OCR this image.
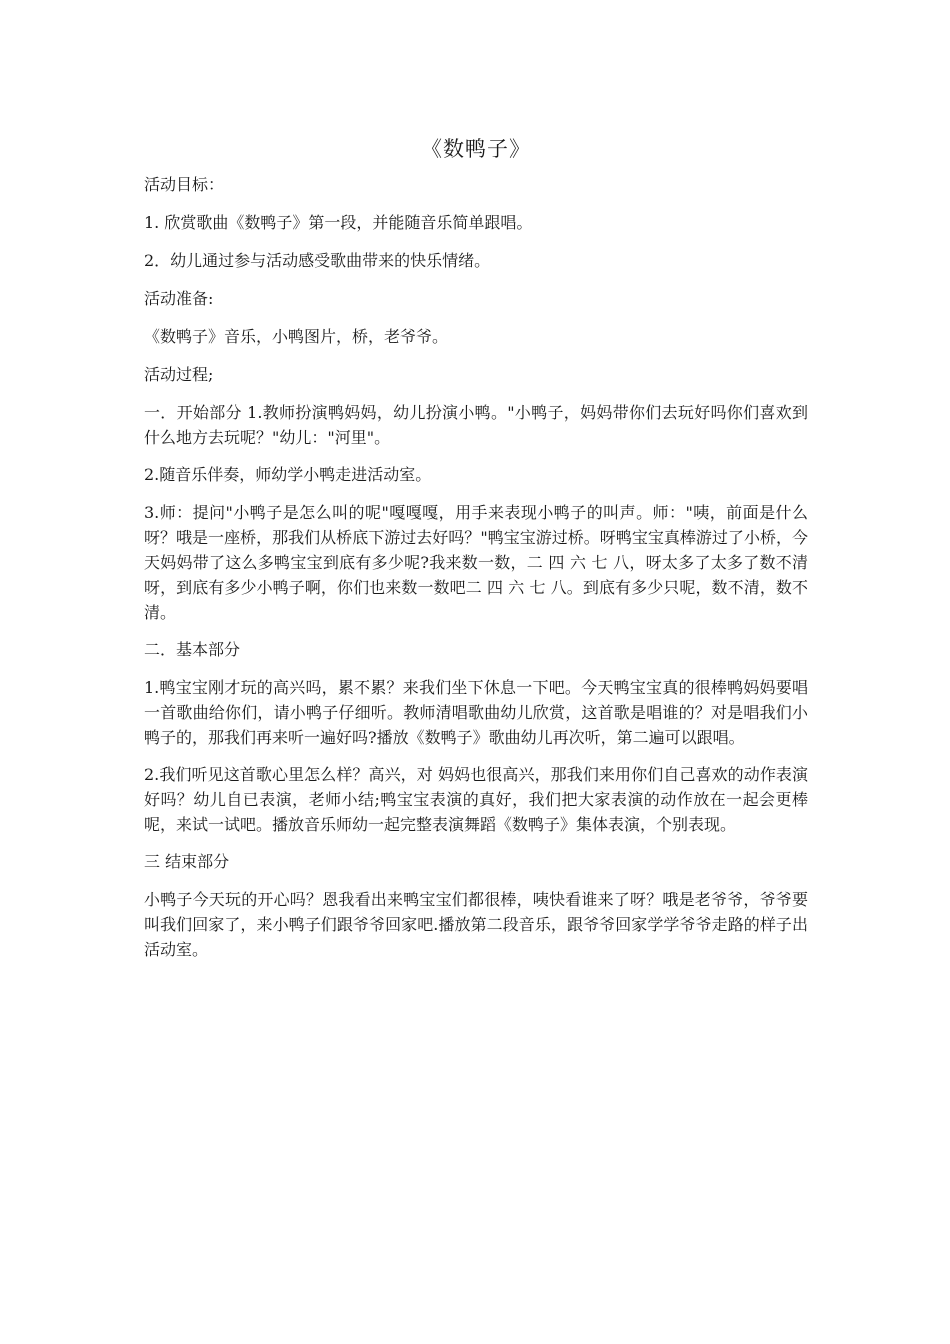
《数鸭子》

活动目标：

1. 欣赏歌曲《数鸭子》第一段，并能随音乐简单跟唱。

2．幼儿通过参与活动感受歌曲带来的快乐情绪。

活动准备:

《数鸭子》音乐，小鸭图片，桥，老爷爷。

活动过程;

一．开始部分 1.教师扮演鸭妈妈，幼儿扮演小鸭。"小鸭子，妈妈带你们去玩好吗你们喜欢到什么地方去玩呢？"幼儿："河里"。

2.随音乐伴奏，师幼学小鸭走进活动室。

3.师：提问"小鸭子是怎么叫的呢"嘎嘎嘎，用手来表现小鸭子的叫声。师："咦，前面是什么呀？哦是一座桥，那我们从桥底下游过去好吗？"鸭宝宝游过桥。呀鸭宝宝真棒游过了小桥，今天妈妈带了这么多鸭宝宝到底有多少呢?我来数一数，二 四 六 七 八，呀太多了太多了数不清呀，到底有多少小鸭子啊，你们也来数一数吧二 四 六 七 八。到底有多少只呢，数不清，数不清。

二．基本部分

1.鸭宝宝刚才玩的高兴吗，累不累？来我们坐下休息一下吧。今天鸭宝宝真的很棒鸭妈妈要唱一首歌曲给你们，请小鸭子仔细听。教师清唱歌曲幼儿欣赏，这首歌是唱谁的？对是唱我们小鸭子的，那我们再来听一遍好吗?播放《数鸭子》歌曲幼儿再次听，第二遍可以跟唱。

2.我们听见这首歌心里怎么样？高兴，对 妈妈也很高兴，那我们来用你们自己喜欢的动作表演好吗？幼儿自已表演，老师小结;鸭宝宝表演的真好，我们把大家表演的动作放在一起会更棒呢，来试一试吧。播放音乐师幼一起完整表演舞蹈《数鸭子》集体表演，个别表现。

三 结束部分

小鸭子今天玩的开心吗？恩我看出来鸭宝宝们都很棒，咦快看谁来了呀？哦是老爷爷，爷爷要叫我们回家了，来小鸭子们跟爷爷回家吧.播放第二段音乐，跟爷爷回家学学爷爷走路的样子出活动室。
